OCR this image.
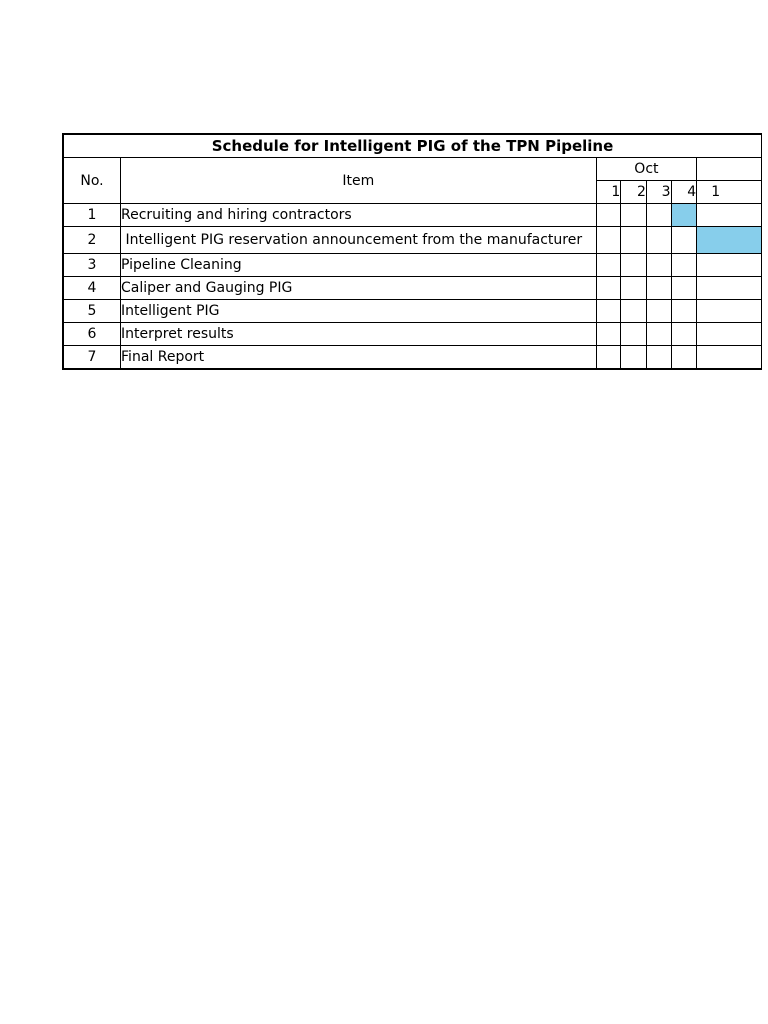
Schedule for Intelligent PIG of the TPN Pipeline						
No.	Item	Oct				
		1	2	3	4	1
1	Recruiting and hiring contractors					
2	Intelligent PIG reservation announcement from the manufacturer					
3	Pipeline Cleaning					
4	Caliper and Gauging PIG					
5	Intelligent PIG					
6	Interpret results					
7	Final Report					
